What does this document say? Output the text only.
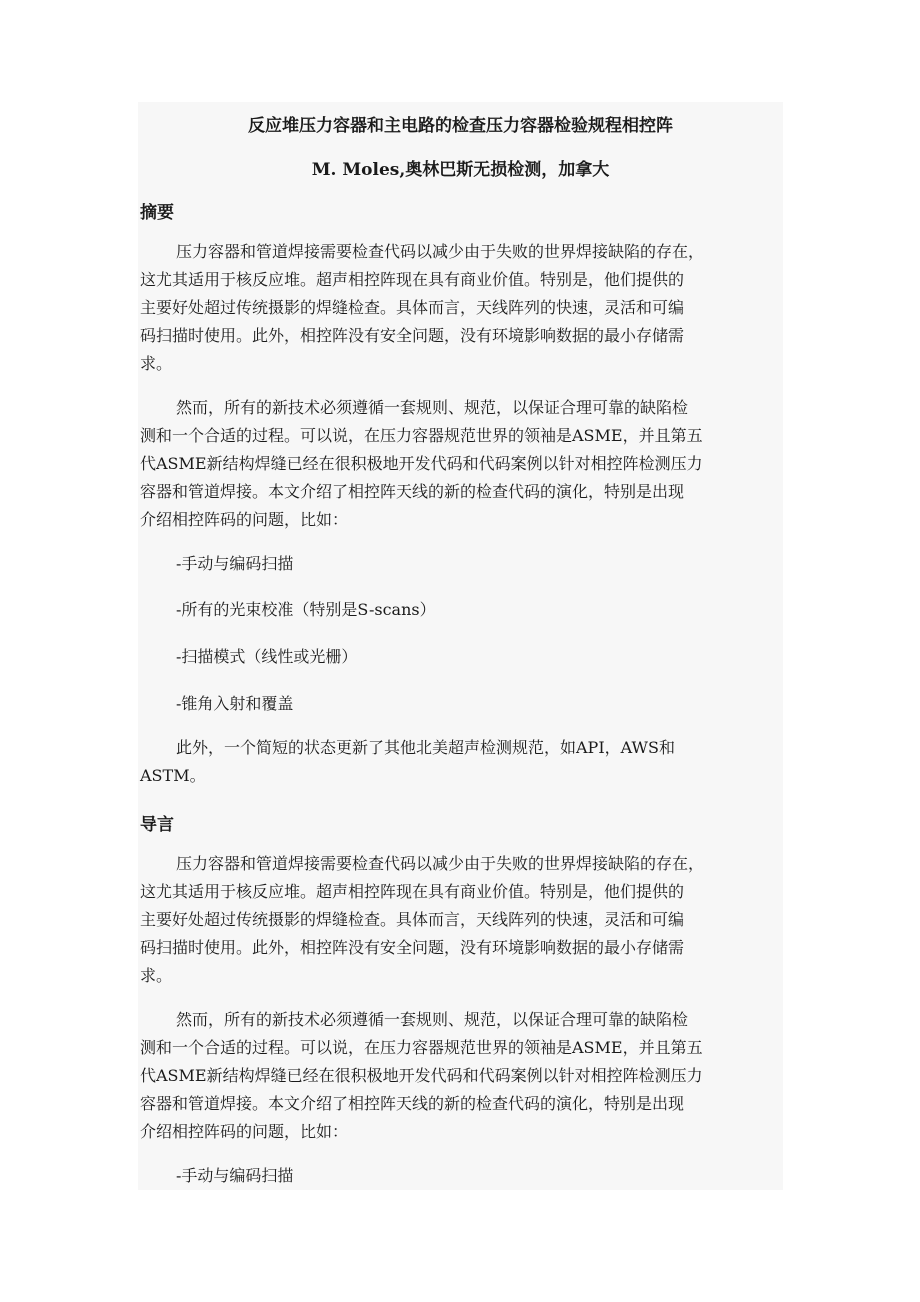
反应堆压力容器和主电路的检查压力容器检验规程相控阵
M. Moles,奥林巴斯无损检测，加拿大
摘要
压力容器和管道焊接需要检查代码以减少由于失败的世界焊接缺陷的存在，
这尤其适用于核反应堆。超声相控阵现在具有商业价值。特别是，他们提供的
主要好处超过传统摄影的焊缝检查。具体而言，天线阵列的快速，灵活和可编
码扫描时使用。此外，相控阵没有安全问题，没有环境影响数据的最小存储需
求。
然而，所有的新技术必须遵循一套规则、规范，以保证合理可靠的缺陷检
测和一个合适的过程。可以说，在压力容器规范世界的领袖是ASME，并且第五
代ASME新结构焊缝已经在很积极地开发代码和代码案例以针对相控阵检测压力
容器和管道焊接。本文介绍了相控阵天线的新的检查代码的演化，特别是出现
介绍相控阵码的问题，比如：
-手动与编码扫描
-所有的光束校准（特别是S-scans）
-扫描模式（线性或光栅）
-锥角入射和覆盖
此外，一个简短的状态更新了其他北美超声检测规范，如API，AWS和
ASTM。
导言
压力容器和管道焊接需要检查代码以减少由于失败的世界焊接缺陷的存在，
这尤其适用于核反应堆。超声相控阵现在具有商业价值。特别是，他们提供的
主要好处超过传统摄影的焊缝检查。具体而言，天线阵列的快速，灵活和可编
码扫描时使用。此外，相控阵没有安全问题，没有环境影响数据的最小存储需
求。
然而，所有的新技术必须遵循一套规则、规范，以保证合理可靠的缺陷检
测和一个合适的过程。可以说，在压力容器规范世界的领袖是ASME，并且第五
代ASME新结构焊缝已经在很积极地开发代码和代码案例以针对相控阵检测压力
容器和管道焊接。本文介绍了相控阵天线的新的检查代码的演化，特别是出现
介绍相控阵码的问题，比如：
-手动与编码扫描
